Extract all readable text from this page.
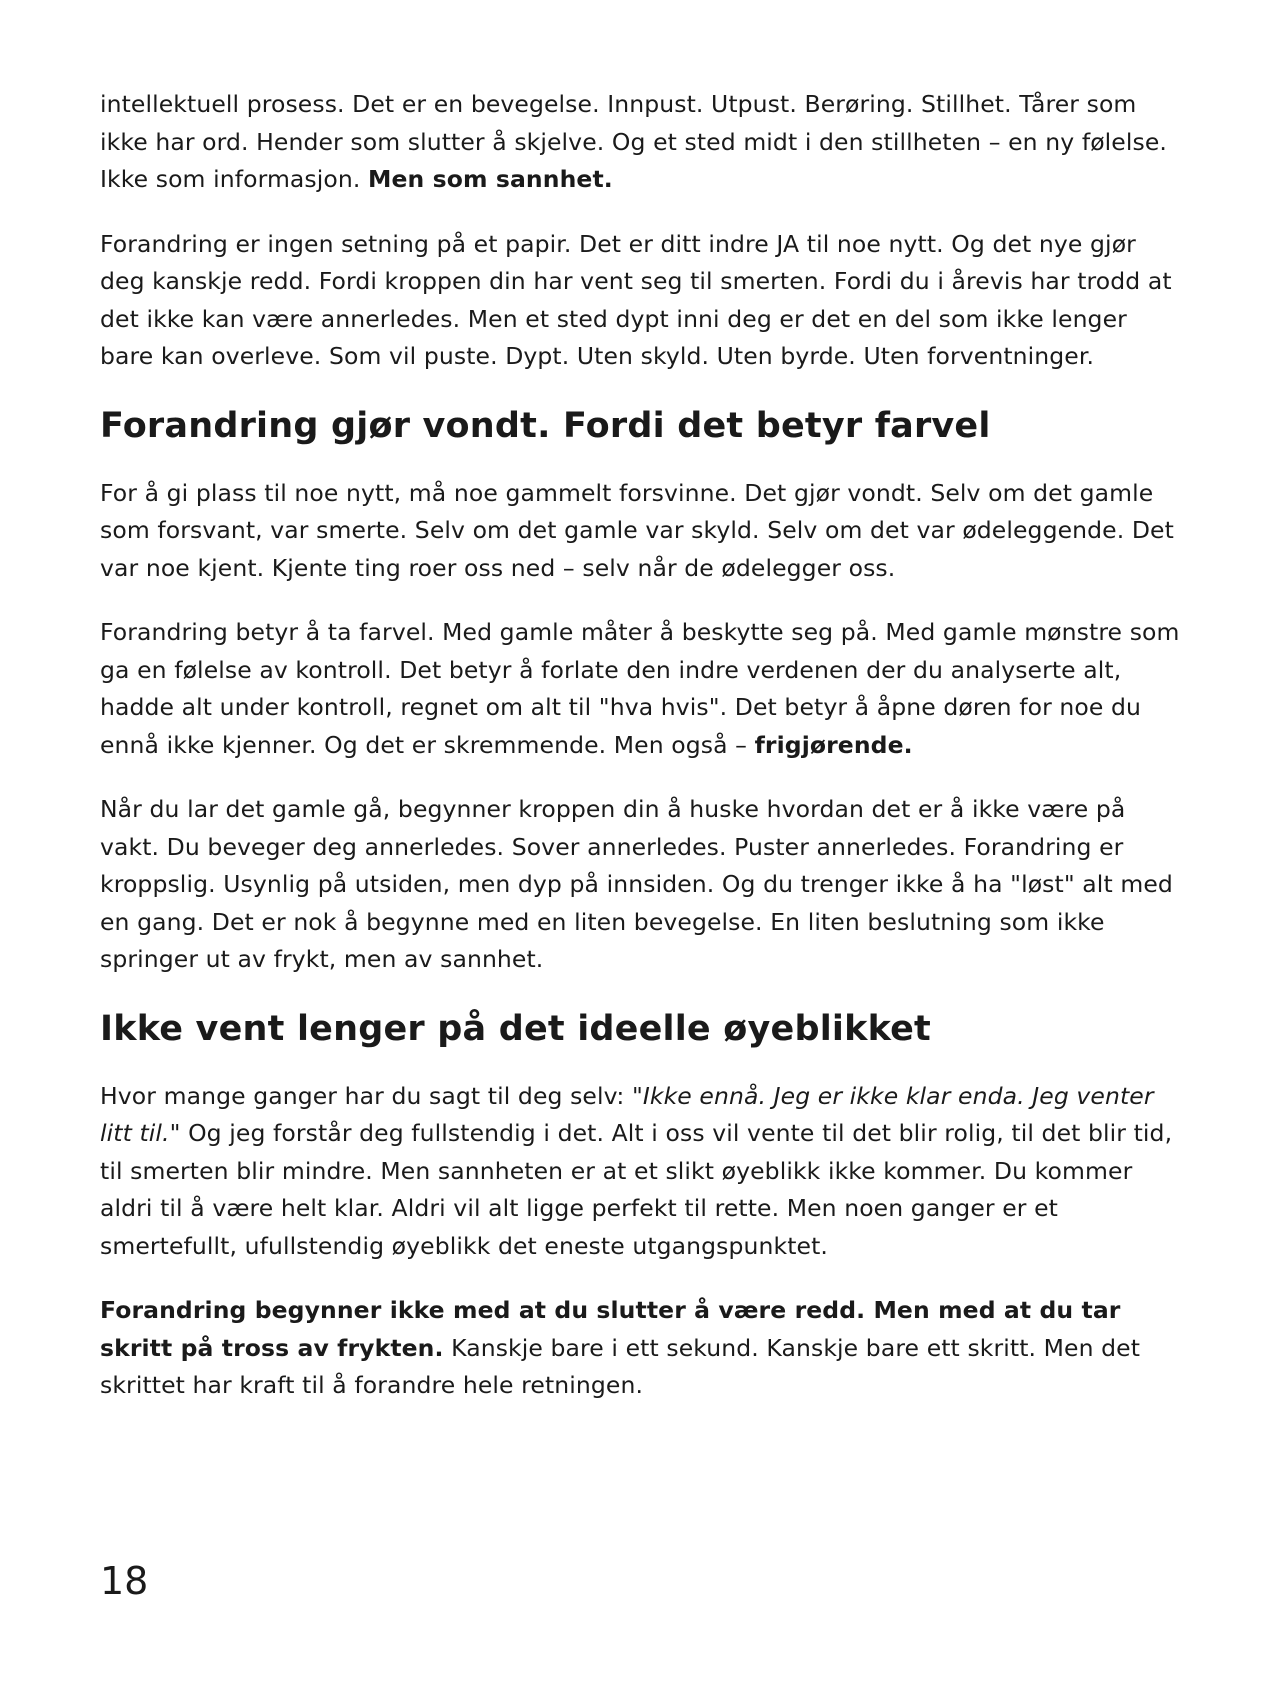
intellektuell prosess. Det er en bevegelse. Innpust. Utpust. Berøring. Stillhet. Tårer som ikke har ord. Hender som slutter å skjelve. Og et sted midt i den stillheten – en ny følelse. Ikke som informasjon. Men som sannhet.

Forandring er ingen setning på et papir. Det er ditt indre JA til noe nytt. Og det nye gjør deg kanskje redd. Fordi kroppen din har vent seg til smerten. Fordi du i årevis har trodd at det ikke kan være annerledes. Men et sted dypt inni deg er det en del som ikke lenger bare kan overleve. Som vil puste. Dypt. Uten skyld. Uten byrde. Uten forventninger.

Forandring gjør vondt. Fordi det betyr farvel

For å gi plass til noe nytt, må noe gammelt forsvinne. Det gjør vondt. Selv om det gamle som forsvant, var smerte. Selv om det gamle var skyld. Selv om det var ødeleggende. Det var noe kjent. Kjente ting roer oss ned – selv når de ødelegger oss.

Forandring betyr å ta farvel. Med gamle måter å beskytte seg på. Med gamle mønstre som ga en følelse av kontroll. Det betyr å forlate den indre verdenen der du analyserte alt, hadde alt under kontroll, regnet om alt til "hva hvis". Det betyr å åpne døren for noe du ennå ikke kjenner. Og det er skremmende. Men også – frigjørende.

Når du lar det gamle gå, begynner kroppen din å huske hvordan det er å ikke være på vakt. Du beveger deg annerledes. Sover annerledes. Puster annerledes. Forandring er kroppslig. Usynlig på utsiden, men dyp på innsiden. Og du trenger ikke å ha "løst" alt med en gang. Det er nok å begynne med en liten bevegelse. En liten beslutning som ikke springer ut av frykt, men av sannhet.

Ikke vent lenger på det ideelle øyeblikket

Hvor mange ganger har du sagt til deg selv: "Ikke ennå. Jeg er ikke klar enda. Jeg venter litt til." Og jeg forstår deg fullstendig i det. Alt i oss vil vente til det blir rolig, til det blir tid, til smerten blir mindre. Men sannheten er at et slikt øyeblikk ikke kommer. Du kommer aldri til å være helt klar. Aldri vil alt ligge perfekt til rette. Men noen ganger er et smertefullt, ufullstendig øyeblikk det eneste utgangspunktet.

Forandring begynner ikke med at du slutter å være redd. Men med at du tar skritt på tross av frykten. Kanskje bare i ett sekund. Kanskje bare ett skritt. Men det skrittet har kraft til å forandre hele retningen.

18
